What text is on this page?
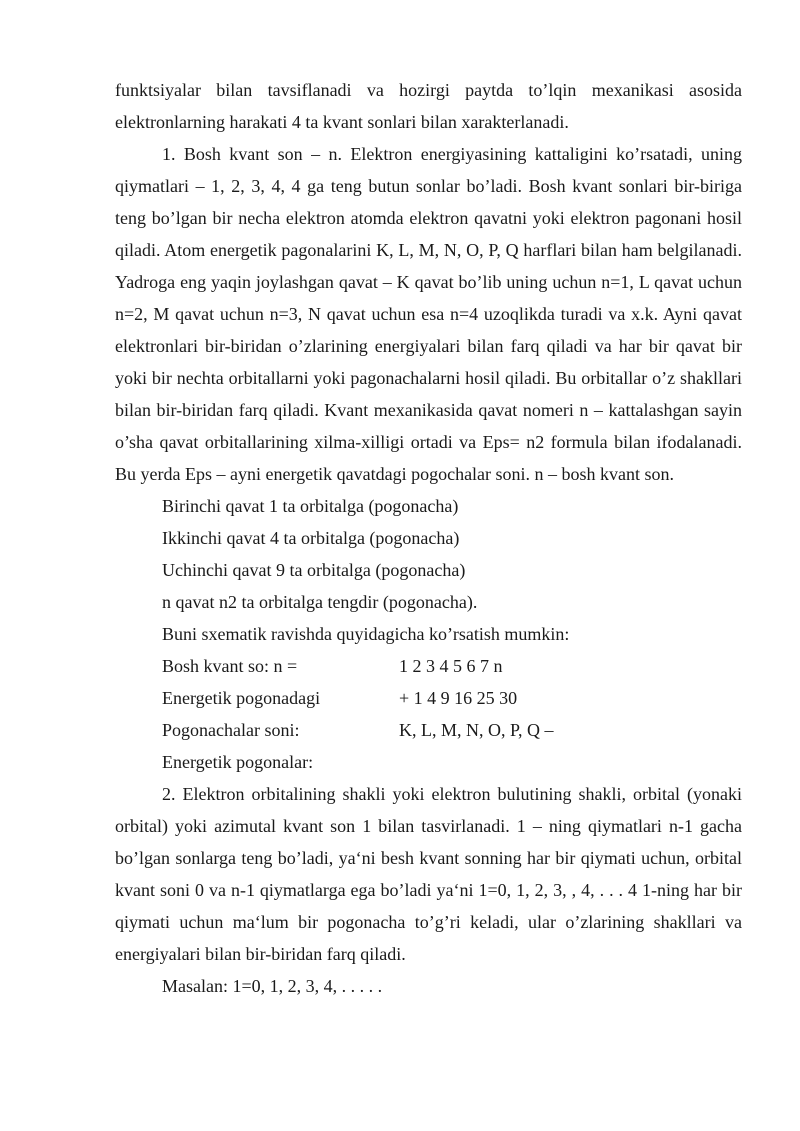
funktsiyalar bilan tavsiflanadi va hozirgi paytda to’lqin mexanikasi asosida elektronlarning harakati 4 ta kvant sonlari bilan xarakterlanadi.

1. Bosh kvant son – n. Elektron energiyasining kattaligini ko’rsatadi, uning qiymatlari – 1, 2, 3, 4, 4 ga teng butun sonlar bo’ladi. Bosh kvant sonlari bir-biriga teng bo’lgan bir necha elektron atomda elektron qavatni yoki elektron pagonani hosil qiladi. Atom energetik pagonalarini K, L, M, N, O, P, Q harflari bilan ham belgilanadi. Yadroga eng yaqin joylashgan qavat – K qavat bo’lib uning uchun n=1, L qavat uchun n=2, M qavat uchun n=3, N qavat uchun esa n=4 uzoqlikda turadi va x.k. Ayni qavat elektronlari bir-biridan o’zlarining energiyalari bilan farq qiladi va har bir qavat bir yoki bir nechta orbitallarni yoki pagonachalarni hosil qiladi. Bu orbitallar o’z shakllari bilan bir-biridan farq qiladi. Kvant mexanikasida qavat nomeri n – kattalashgan sayin o’sha qavat orbitallarining xilma-xilligi ortadi va Eps= n2 formula bilan ifodalanadi. Bu yerda Eps – ayni energetik qavatdagi pogochalar soni. n – bosh kvant son.

Birinchi qavat 1 ta orbitalga (pogonacha)
Ikkinchi qavat 4 ta orbitalga (pogonacha)
Uchinchi qavat 9 ta orbitalga (pogonacha)
n qavat n2 ta orbitalga tengdir (pogonacha).
Buni sxematik ravishda quyidagicha ko’rsatish mumkin:
Bosh kvant so: n =	1 2 3 4 5 6 7 n
Energetik pogonadagi	+ 1 4 9 16 25 30
Pogonachalar soni:	K, L, M, N, O, P, Q –
Energetik pogonalar:

2. Elektron orbitalining shakli yoki elektron bulutining shakli, orbital (yonaki orbital) yoki azimutal kvant son 1 bilan tasvirlanadi. 1 – ning qiymatlari n-1 gacha bo’lgan sonlarga teng bo’ladi, ya‘ni besh kvant sonning har bir qiymati uchun, orbital kvant soni 0 va n-1 qiymatlarga ega bo’ladi ya‘ni 1=0, 1, 2, 3, , 4, . . . 4 1-ning har bir qiymati uchun ma‘lum bir pogonacha to’g’ri keladi, ular o’zlarining shakllari va energiyalari bilan bir-biridan farq qiladi.

Masalan: 1=0, 1, 2, 3, 4, . . . . .
